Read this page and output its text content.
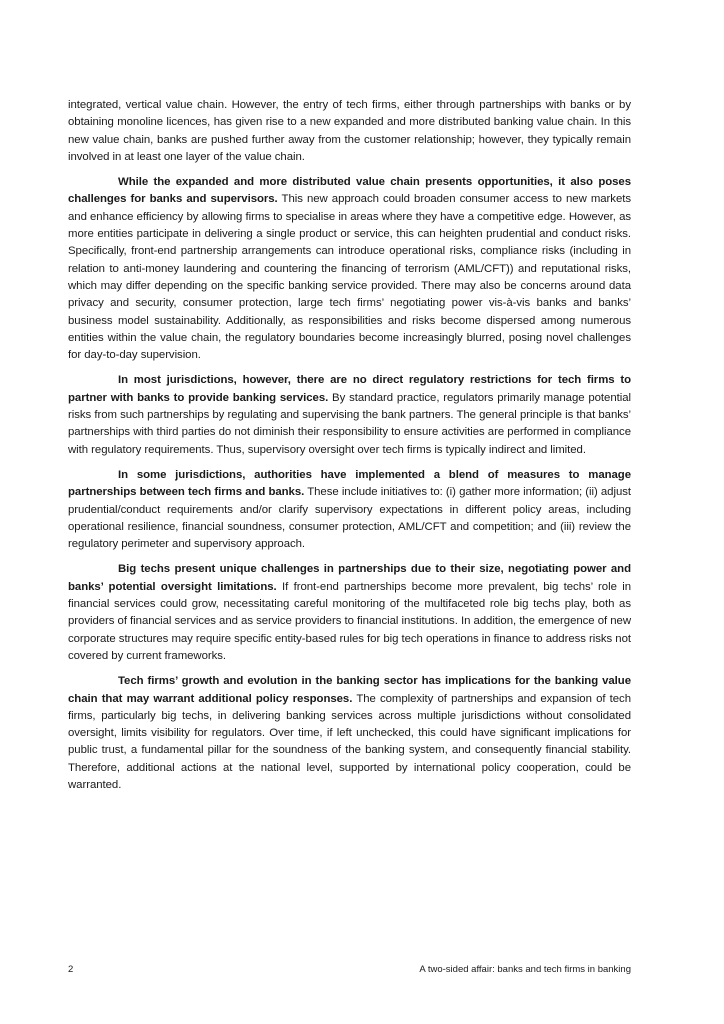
integrated, vertical value chain. However, the entry of tech firms, either through partnerships with banks or by obtaining monoline licences, has given rise to a new expanded and more distributed banking value chain. In this new value chain, banks are pushed further away from the customer relationship; however, they typically remain involved in at least one layer of the value chain.

While the expanded and more distributed value chain presents opportunities, it also poses challenges for banks and supervisors. This new approach could broaden consumer access to new markets and enhance efficiency by allowing firms to specialise in areas where they have a competitive edge. However, as more entities participate in delivering a single product or service, this can heighten prudential and conduct risks. Specifically, front-end partnership arrangements can introduce operational risks, compliance risks (including in relation to anti-money laundering and countering the financing of terrorism (AML/CFT)) and reputational risks, which may differ depending on the specific banking service provided. There may also be concerns around data privacy and security, consumer protection, large tech firms’ negotiating power vis-à-vis banks and banks’ business model sustainability. Additionally, as responsibilities and risks become dispersed among numerous entities within the value chain, the regulatory boundaries become increasingly blurred, posing novel challenges for day-to-day supervision.

In most jurisdictions, however, there are no direct regulatory restrictions for tech firms to partner with banks to provide banking services. By standard practice, regulators primarily manage potential risks from such partnerships by regulating and supervising the bank partners. The general principle is that banks’ partnerships with third parties do not diminish their responsibility to ensure activities are performed in compliance with regulatory requirements. Thus, supervisory oversight over tech firms is typically indirect and limited.

In some jurisdictions, authorities have implemented a blend of measures to manage partnerships between tech firms and banks. These include initiatives to: (i) gather more information; (ii) adjust prudential/conduct requirements and/or clarify supervisory expectations in different policy areas, including operational resilience, financial soundness, consumer protection, AML/CFT and competition; and (iii) review the regulatory perimeter and supervisory approach.

Big techs present unique challenges in partnerships due to their size, negotiating power and banks’ potential oversight limitations. If front-end partnerships become more prevalent, big techs’ role in financial services could grow, necessitating careful monitoring of the multifaceted role big techs play, both as providers of financial services and as service providers to financial institutions. In addition, the emergence of new corporate structures may require specific entity-based rules for big tech operations in finance to address risks not covered by current frameworks.

Tech firms’ growth and evolution in the banking sector has implications for the banking value chain that may warrant additional policy responses. The complexity of partnerships and expansion of tech firms, particularly big techs, in delivering banking services across multiple jurisdictions without consolidated oversight, limits visibility for regulators. Over time, if left unchecked, this could have significant implications for public trust, a fundamental pillar for the soundness of the banking system, and consequently financial stability. Therefore, additional actions at the national level, supported by international policy cooperation, could be warranted.

2	A two-sided affair: banks and tech firms in banking
